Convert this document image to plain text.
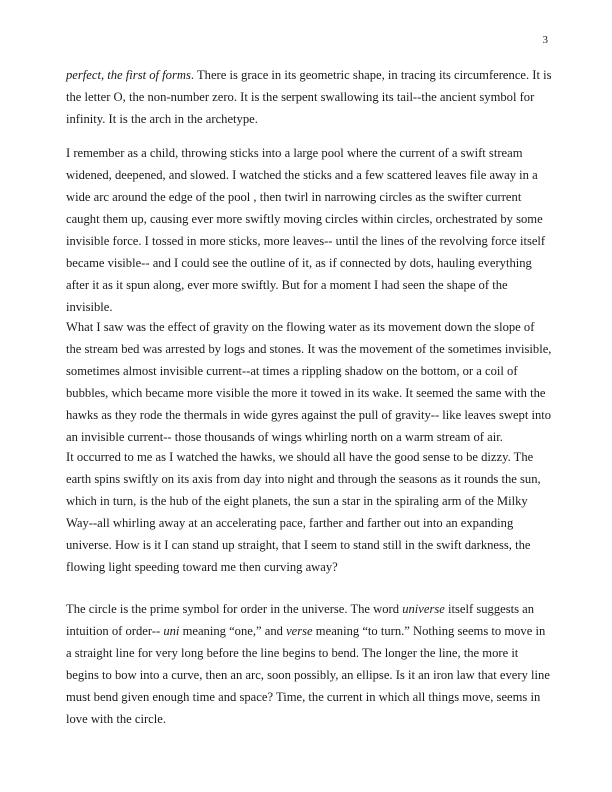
3

perfect, the first of forms. There is grace in its geometric shape, in tracing its circumference. It is the letter O, the non-number zero. It is the serpent swallowing its tail--the ancient symbol for infinity. It is the arch in the archetype.

I remember as a child, throwing sticks into a large pool where the current of a swift stream widened, deepened, and slowed. I watched the sticks and a few scattered leaves file away in a wide arc around the edge of the pool , then twirl in narrowing circles as the swifter current caught them up, causing ever more swiftly moving circles within circles, orchestrated by some invisible force. I tossed in more sticks, more leaves-- until the lines of the revolving force itself became visible-- and I could see the outline of it, as if connected by dots, hauling everything after it as it spun along, ever more swiftly. But for a moment I had seen the shape of the invisible.

What I saw was the effect of gravity on the flowing water as its movement down the slope of the stream bed was arrested by logs and stones. It was the movement of the sometimes invisible, sometimes almost invisible current--at times a rippling shadow on the bottom, or a coil of bubbles, which became more visible the more it towed in its wake. It seemed the same with the hawks as they rode the thermals in wide gyres against the pull of gravity-- like leaves swept into an invisible current-- those thousands of wings whirling north on a warm stream of air.

It occurred to me as I watched the hawks, we should all have the good sense to be dizzy. The earth spins swiftly on its axis from day into night and through the seasons as it rounds the sun, which in turn, is the hub of the eight planets, the sun a star in the spiraling arm of the Milky Way--all whirling away at an accelerating pace, farther and farther out into an expanding universe. How is it I can stand up straight, that I seem to stand still in the swift darkness, the flowing light speeding toward me then curving away?

The circle is the prime symbol for order in the universe. The word universe itself suggests an intuition of order-- uni meaning “one,” and verse meaning “to turn.” Nothing seems to move in a straight line for very long before the line begins to bend. The longer the line, the more it begins to bow into a curve, then an arc, soon possibly, an ellipse. Is it an iron law that every line must bend given enough time and space? Time, the current in which all things move, seems in love with the circle.
